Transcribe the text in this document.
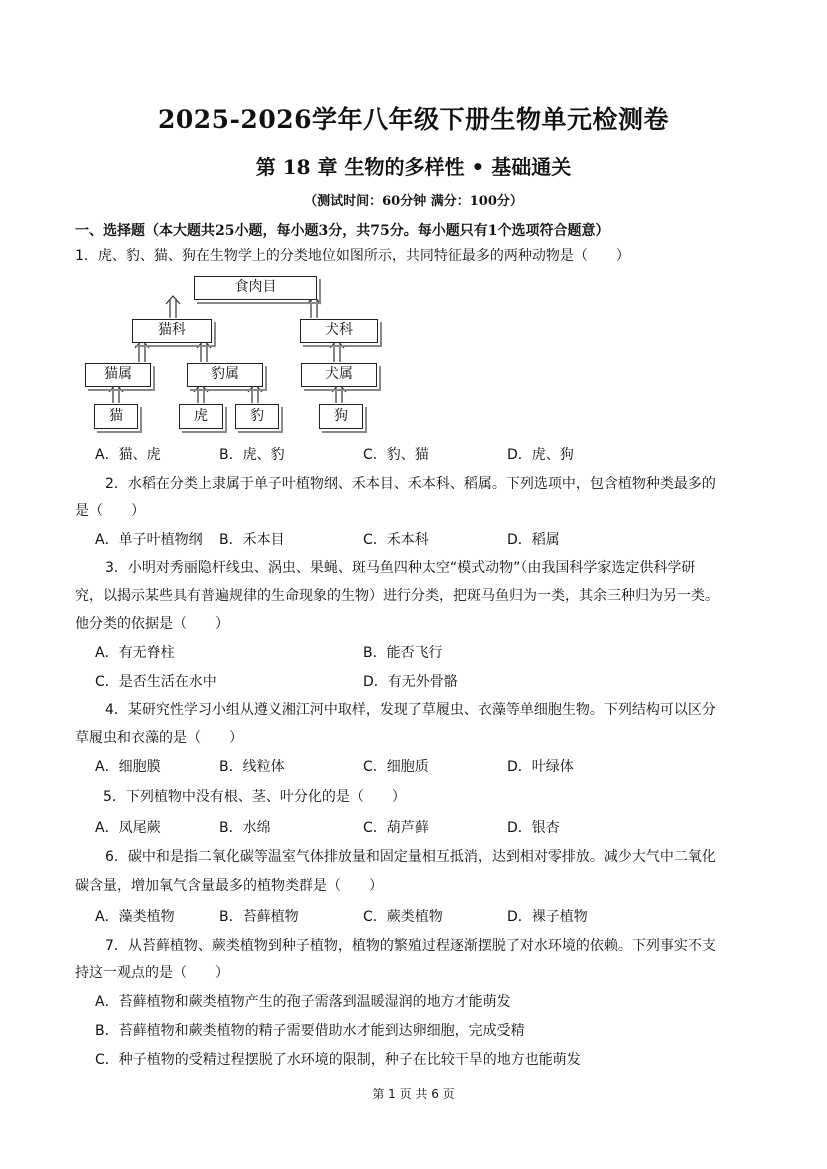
2025-2026学年八年级下册生物单元检测卷
第 18 章 生物的多样性 • 基础通关
（测试时间：60分钟 满分：100分）
一、选择题（本大题共25小题，每小题3分，共75分。每小题只有1个选项符合题意）
1．虎、豹、猫、狗在生物学上的分类地位如图所示，共同特征最多的两种动物是（　　）
食肉目
猫科	犬科
猫属	豹属	犬属
猫	虎	豹	狗
A．猫、虎	B．虎、豹	C．豹、猫	D．虎、狗
2．水稻在分类上隶属于单子叶植物纲、禾本目、禾本科、稻属。下列选项中，包含植物种类最多的
是（　　）
A．单子叶植物纲 B．禾本目	C．禾本科	D．稻属
3．小明对秀丽隐杆线虫、涡虫、果蝇、斑马鱼四种太空“模式动物”（由我国科学家选定供科学研
究，以揭示某些具有普遍规律的生命现象的生物）进行分类，把斑马鱼归为一类，其余三种归为另一类。
他分类的依据是（　　）
A．有无脊柱	B．能否飞行
C．是否生活在水中	D．有无外骨骼
4．某研究性学习小组从遵义湘江河中取样，发现了草履虫、衣藻等单细胞生物。下列结构可以区分
草履虫和衣藻的是（　　）
A．细胞膜	B．线粒体	C．细胞质	D．叶绿体
5．下列植物中没有根、茎、叶分化的是（　　）
A．凤尾蕨	B．水绵	C．葫芦藓	D．银杏
6．碳中和是指二氧化碳等温室气体排放量和固定量相互抵消，达到相对零排放。减少大气中二氧化
碳含量，增加氧气含量最多的植物类群是（　　）
A．藻类植物	B．苔藓植物	C．蕨类植物	D．裸子植物
7．从苔藓植物、蕨类植物到种子植物，植物的繁殖过程逐渐摆脱了对水环境的依赖。下列事实不支
持这一观点的是（　　）
A．苔藓植物和蕨类植物产生的孢子需落到温暖湿润的地方才能萌发
B．苔藓植物和蕨类植物的精子需要借助水才能到达卵细胞，完成受精
C．种子植物的受精过程摆脱了水环境的限制，种子在比较干旱的地方也能萌发
第 1 页 共 6 页
